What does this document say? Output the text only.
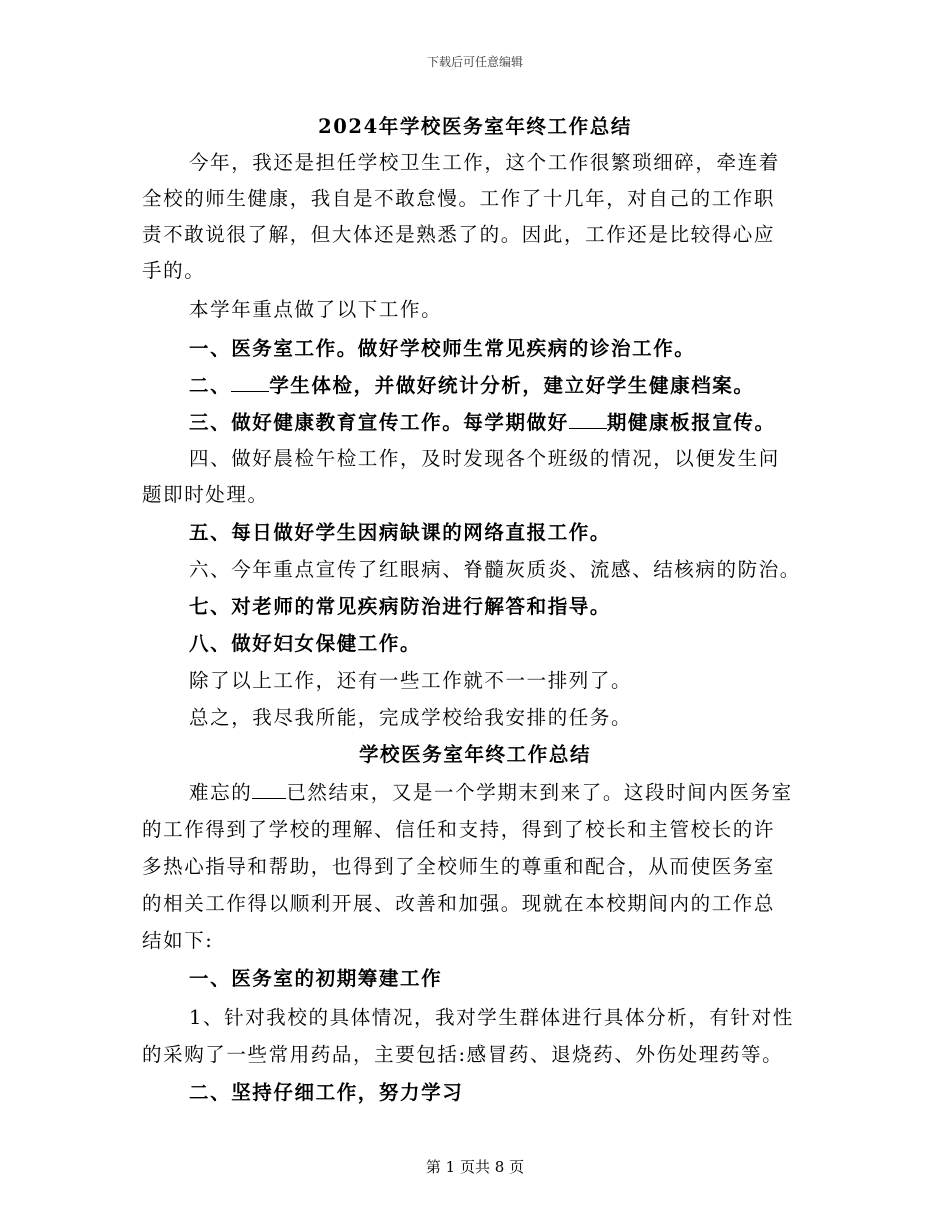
下载后可任意编辑
2024年学校医务室年终工作总结
今年，我还是担任学校卫生工作，这个工作很繁琐细碎，牵连着
全校的师生健康，我自是不敢怠慢。工作了十几年，对自己的工作职
责不敢说很了解，但大体还是熟悉了的。因此，工作还是比较得心应
手的。
本学年重点做了以下工作。
一、医务室工作。做好学校师生常见疾病的诊治工作。
二、 学生体检，并做好统计分析，建立好学生健康档案。
三、做好健康教育宣传工作。每学期做好 期健康板报宣传。
四、做好晨检午检工作，及时发现各个班级的情况，以便发生问
题即时处理。
五、每日做好学生因病缺课的网络直报工作。
六、今年重点宣传了红眼病、脊髓灰质炎、流感、结核病的防治。
七、对老师的常见疾病防治进行解答和指导。
八、做好妇女保健工作。
除了以上工作，还有一些工作就不一一排列了。
总之，我尽我所能，完成学校给我安排的任务。
学校医务室年终工作总结
难忘的 已然结束，又是一个学期末到来了。这段时间内医务室
的工作得到了学校的理解、信任和支持，得到了校长和主管校长的许
多热心指导和帮助，也得到了全校师生的尊重和配合，从而使医务室
的相关工作得以顺利开展、改善和加强。现就在本校期间内的工作总
结如下:
一、医务室的初期筹建工作
1、针对我校的具体情况，我对学生群体进行具体分析，有针对性
的采购了一些常用药品，主要包括:感冒药、退烧药、外伤处理药等。
二、坚持仔细工作，努力学习
第 1 页共 8 页
